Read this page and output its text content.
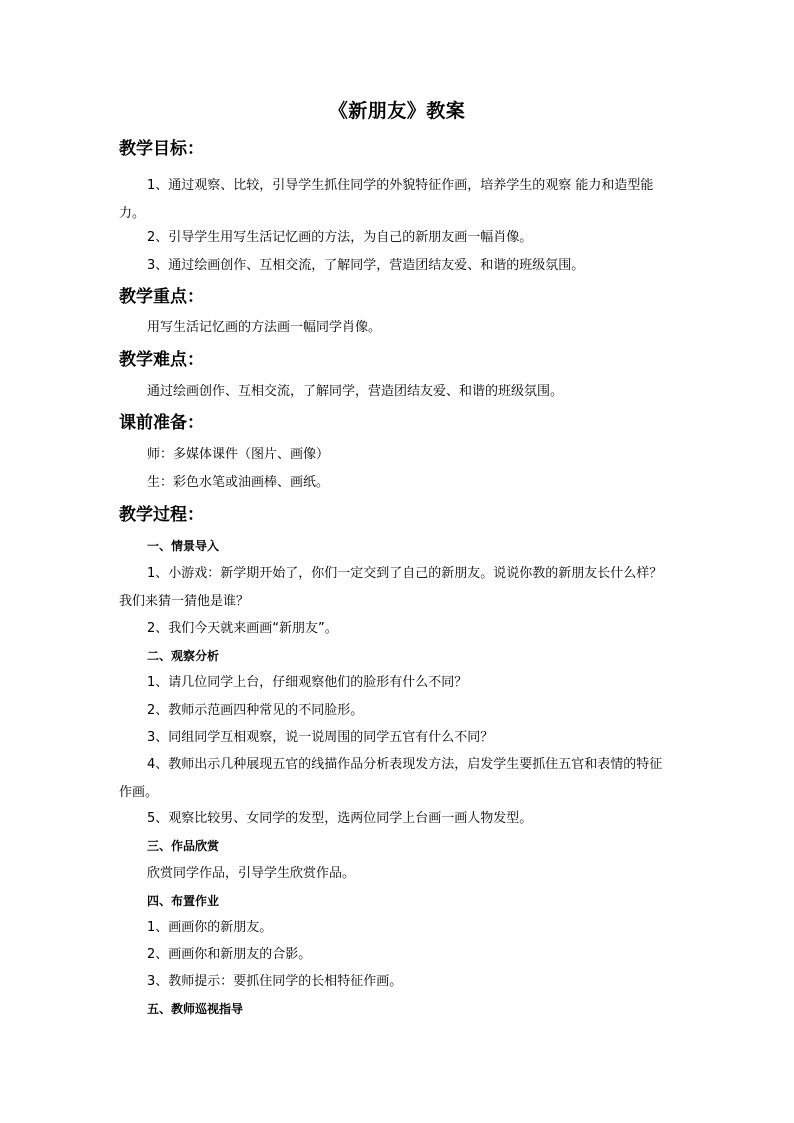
《新朋友》教案
教学目标：
1、通过观察、比较，引导学生抓住同学的外貌特征作画，培养学生的观察 能力和造型能力。
2、引导学生用写生活记忆画的方法，为自己的新朋友画一幅肖像。
3、通过绘画创作、互相交流，了解同学，营造团结友爱、和谐的班级氛围。
教学重点：
用写生活记忆画的方法画一幅同学肖像。
教学难点：
通过绘画创作、互相交流，了解同学，营造团结友爱、和谐的班级氛围。
课前准备：
师：多媒体课件（图片、画像）
生：彩色水笔或油画棒、画纸。
教学过程：
一、情景导入
1、小游戏：新学期开始了，你们一定交到了自己的新朋友。说说你教的新朋友长什么样？我们来猜一猜他是谁？
2、我们今天就来画画“新朋友”。
二、观察分析
1、请几位同学上台，仔细观察他们的脸形有什么不同？
2、教师示范画四种常见的不同脸形。
3、同组同学互相观察，说一说周围的同学五官有什么不同？
4、教师出示几种展现五官的线描作品分析表现发方法，启发学生要抓住五官和表情的特征作画。
5、观察比较男、女同学的发型，选两位同学上台画一画人物发型。
三、作品欣赏
欣赏同学作品，引导学生欣赏作品。
四、布置作业
1、画画你的新朋友。
2、画画你和新朋友的合影。
3、教师提示：要抓住同学的长相特征作画。
五、教师巡视指导
